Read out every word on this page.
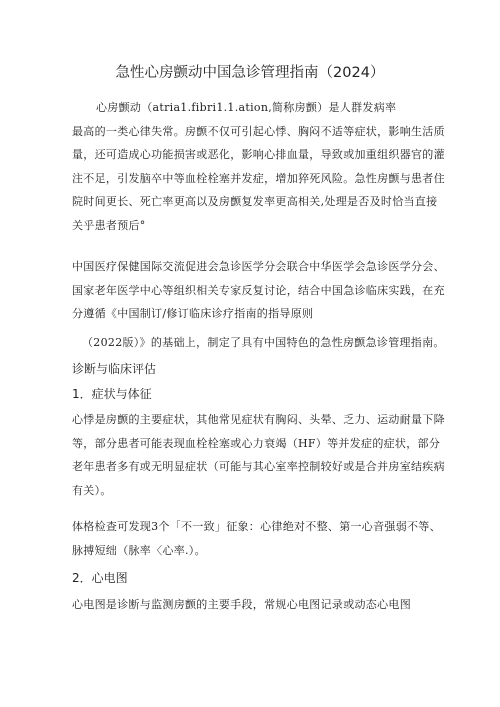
急性心房颤动中国急诊管理指南（2024）
心房颤动（atria1.fibri1.1.ation,简称房颤）是人群发病率
最高的一类心律失常。房颤不仅可引起心悸、胸闷不适等症状，影响生活质
量，还可造成心功能损害或恶化，影响心排血量，导致或加重组织器官的灌
注不足，引发脑卒中等血栓栓塞并发症，增加猝死风险。急性房颤与患者住
院时间更长、死亡率更高以及房颤复发率更高相关,处理是否及时恰当直接
关乎患者预后°
中国医疗保健国际交流促进会急诊医学分会联合中华医学会急诊医学分会、
国家老年医学中心等组织相关专家反复讨论，结合中国急诊临床实践，在充
分遵循《中国制订/修订临床诊疗指南的指导原则
（2022版）》的基础上，制定了具有中国特色的急性房颤急诊管理指南。
诊断与临床评估
1．症状与体征
心悸是房颤的主要症状，其他常见症状有胸闷、头晕、乏力、运动耐量下降
等，部分患者可能表现血栓栓塞或心力衰竭（HF）等并发症的症状，部分
老年患者多有或无明显症状（可能与其心室率控制较好或是合并房室结疾病
有关）。
体格检查可发现3个「不一致」征象：心律绝对不整、第一心音强弱不等、
脉搏短绌（脉率〈心率.）。
2．心电图
心电图是诊断与监测房颤的主要手段，常规心电图记录或动态心电图
